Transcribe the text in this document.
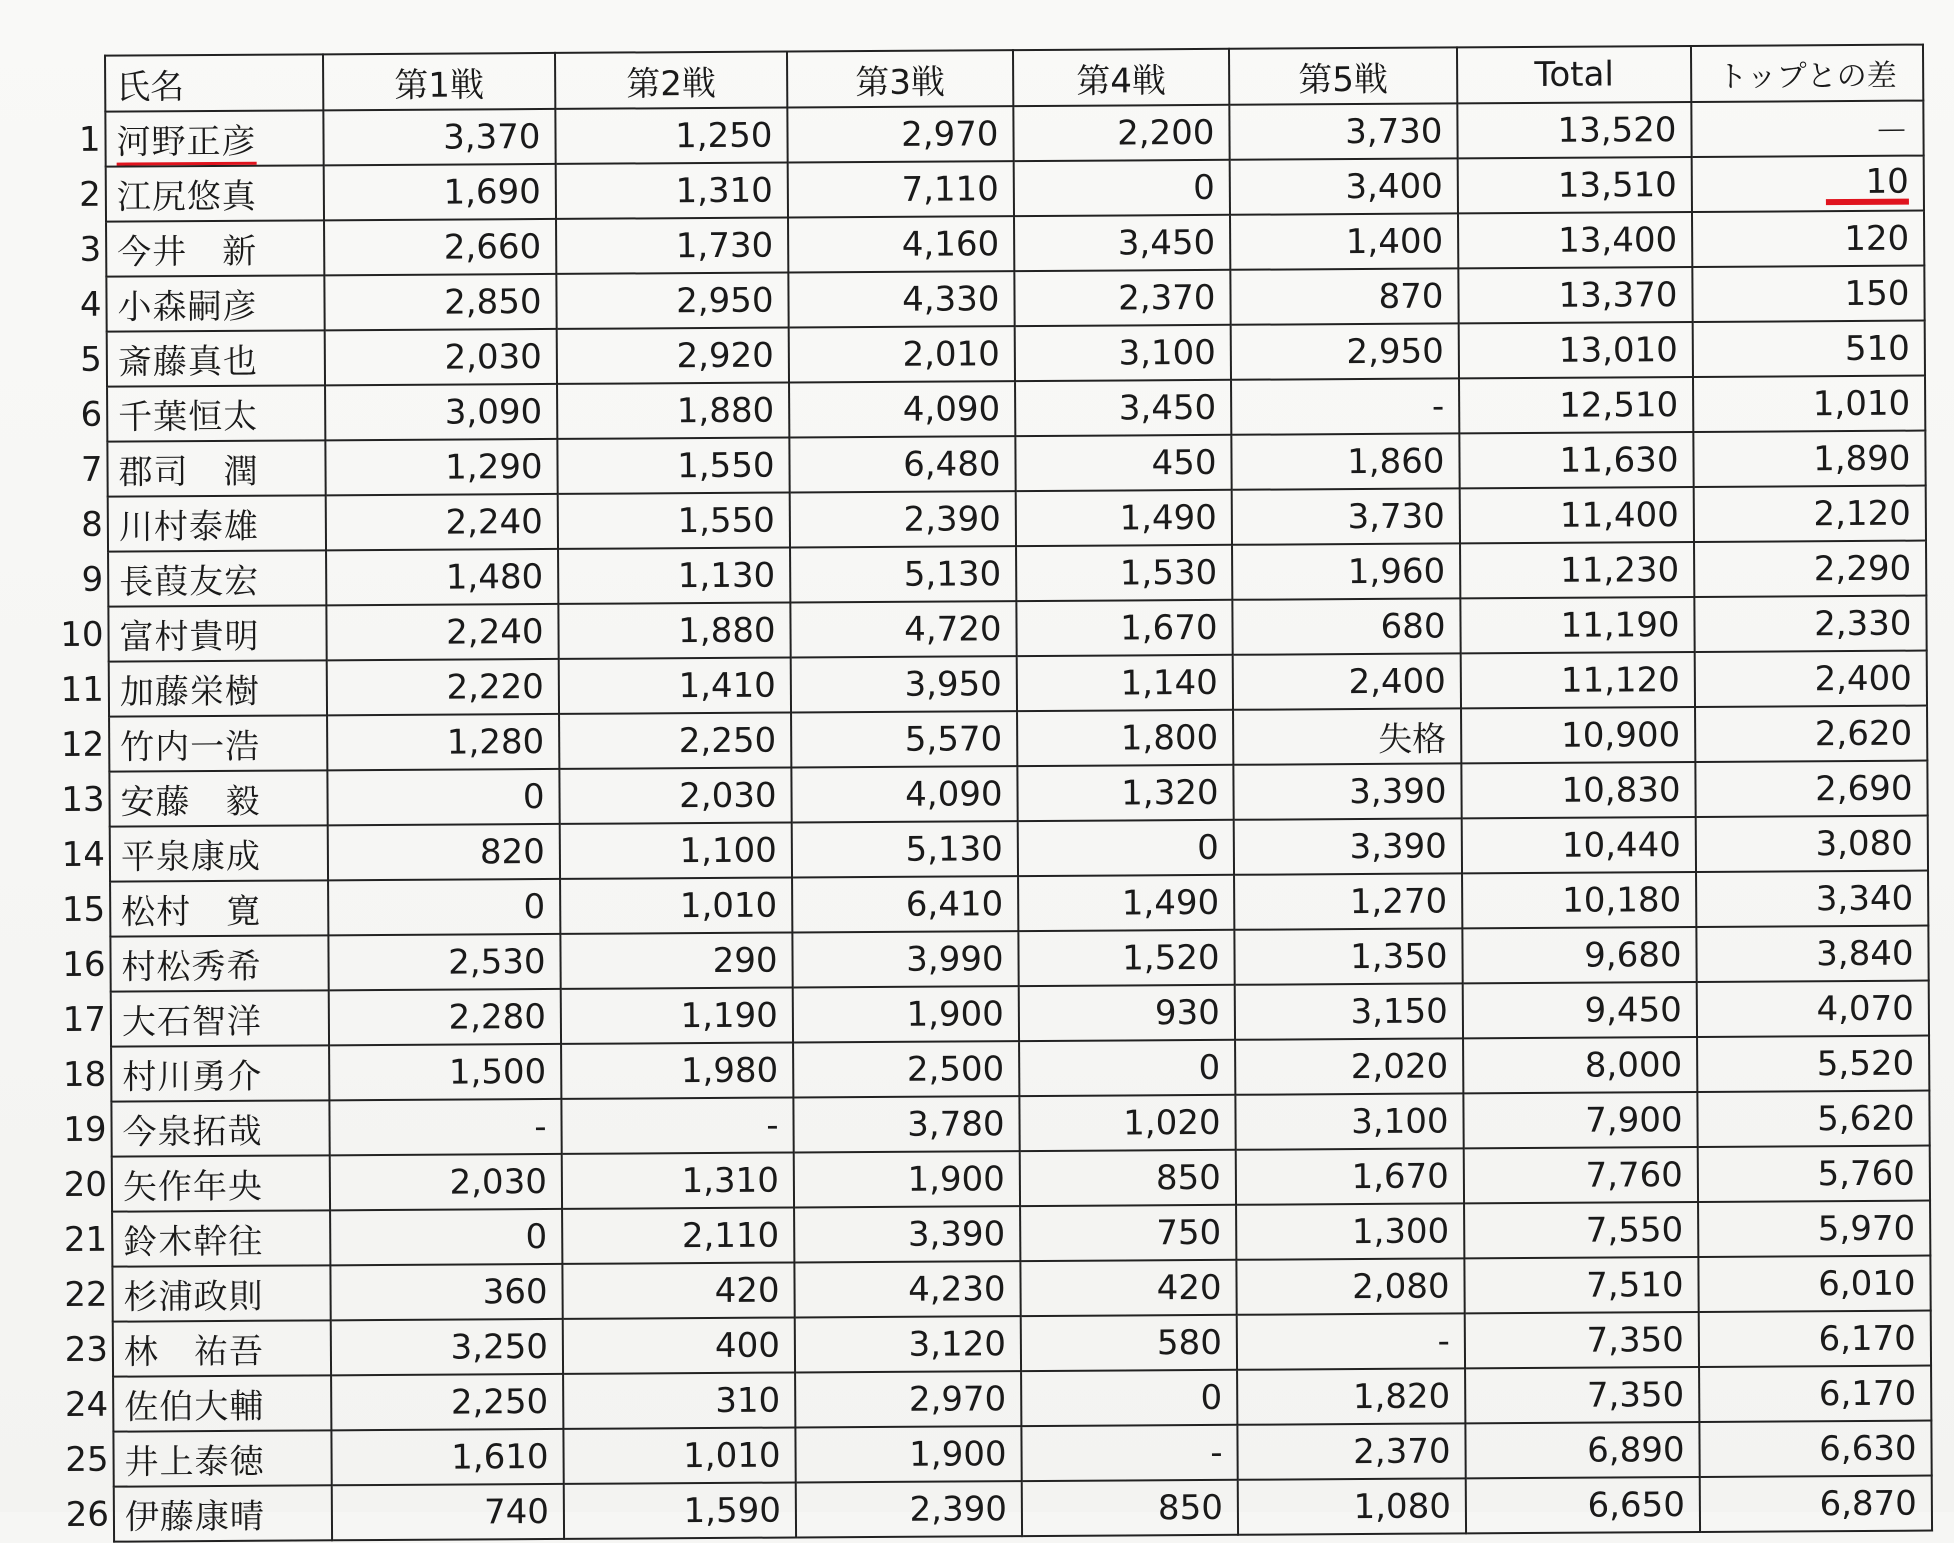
	氏名	第1戦	第2戦	第3戦	第4戦	第5戦	Total	トップとの差
1	河野正彦	3,370	1,250	2,970	2,200	3,730	13,520	－
2	江尻悠真	1,690	1,310	7,110	0	3,400	13,510	10
3	今井　新	2,660	1,730	4,160	3,450	1,400	13,400	120
4	小森嗣彦	2,850	2,950	4,330	2,370	870	13,370	150
5	斎藤真也	2,030	2,920	2,010	3,100	2,950	13,010	510
6	千葉恒太	3,090	1,880	4,090	3,450	-	12,510	1,010
7	郡司　潤	1,290	1,550	6,480	450	1,860	11,630	1,890
8	川村泰雄	2,240	1,550	2,390	1,490	3,730	11,400	2,120
9	長葭友宏	1,480	1,130	5,130	1,530	1,960	11,230	2,290
10	富村貴明	2,240	1,880	4,720	1,670	680	11,190	2,330
11	加藤栄樹	2,220	1,410	3,950	1,140	2,400	11,120	2,400
12	竹内一浩	1,280	2,250	5,570	1,800	失格	10,900	2,620
13	安藤　毅	0	2,030	4,090	1,320	3,390	10,830	2,690
14	平泉康成	820	1,100	5,130	0	3,390	10,440	3,080
15	松村　寛	0	1,010	6,410	1,490	1,270	10,180	3,340
16	村松秀希	2,530	290	3,990	1,520	1,350	9,680	3,840
17	大石智洋	2,280	1,190	1,900	930	3,150	9,450	4,070
18	村川勇介	1,500	1,980	2,500	0	2,020	8,000	5,520
19	今泉拓哉	-	-	3,780	1,020	3,100	7,900	5,620
20	矢作年央	2,030	1,310	1,900	850	1,670	7,760	5,760
21	鈴木幹往	0	2,110	3,390	750	1,300	7,550	5,970
22	杉浦政則	360	420	4,230	420	2,080	7,510	6,010
23	林　祐吾	3,250	400	3,120	580	-	7,350	6,170
24	佐伯大輔	2,250	310	2,970	0	1,820	7,350	6,170
25	井上泰徳	1,610	1,010	1,900	-	2,370	6,890	6,630
26	伊藤康晴	740	1,590	2,390	850	1,080	6,650	6,870
